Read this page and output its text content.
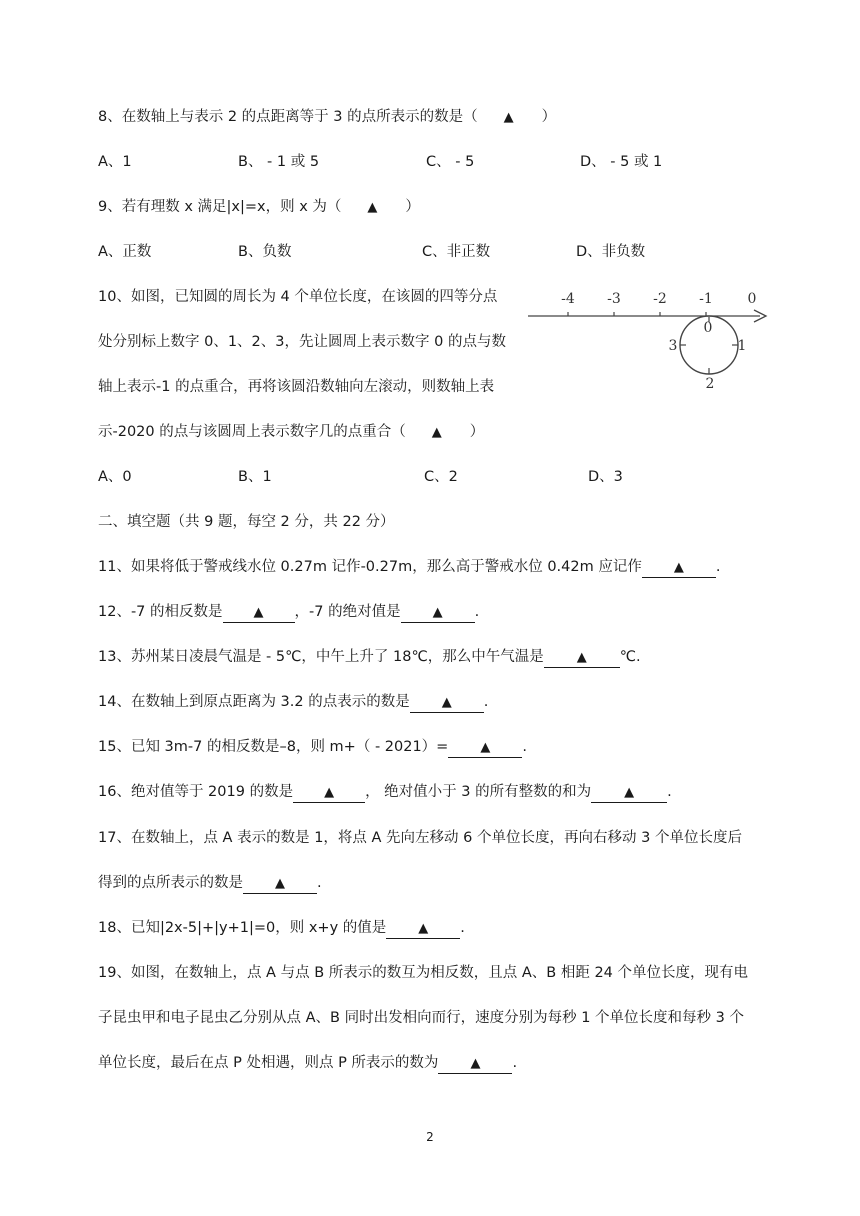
8、在数轴上与表示 2 的点距离等于 3 的点所表示的数是（ ▲ ）
A、1	B、 - 1 或 5	C、 - 5	D、 - 5 或 1
9、若有理数 x 满足|x|=x，则 x 为（ ▲ ）
A、正数	B、负数	C、非正数	D、非负数
10、如图，已知圆的周长为 4 个单位长度，在该圆的四等分点
处分别标上数字 0、1、2、3，先让圆周上表示数字 0 的点与数
轴上表示-1 的点重合，再将该圆沿数轴向左滚动，则数轴上表
示-2020 的点与该圆周上表示数字几的点重合（ ▲ ）
A、0	B、1	C、2	D、3
-4 -3 -2 -1 0
0
1
2
3
二、填空题（共 9 题，每空 2 分，共 22 分）
11、如果将低于警戒线水位 0.27m 记作-0.27m，那么高于警戒水位 0.42m 应记作 ▲ .
12、-7 的相反数是 ▲ ，-7 的绝对值是 ▲ .
13、苏州某日凌晨气温是 - 5℃，中午上升了 18℃，那么中午气温是	▲ ℃.
14、在数轴上到原点距离为 3.2 的点表示的数是 ▲ .
15、已知 3m-7 的相反数是–8，则 m+（ - 2021）= ▲ .
16、绝对值等于 2019 的数是 ▲ ， 绝对值小于 3 的所有整数的和为	▲ .
17、在数轴上，点 A 表示的数是 1，将点 A 先向左移动 6 个单位长度，再向右移动 3 个单位长度后
得到的点所表示的数是 ▲ .
18、已知|2x-5|+|y+1|=0，则 x+y 的值是 ▲ .
19、如图，在数轴上，点 A 与点 B 所表示的数互为相反数，且点 A、B 相距 24 个单位长度，现有电
子昆虫甲和电子昆虫乙分别从点 A、B 同时出发相向而行，速度分别为每秒 1 个单位长度和每秒 3 个
单位长度，最后在点 P 处相遇，则点 P 所表示的数为 ▲ .
2
